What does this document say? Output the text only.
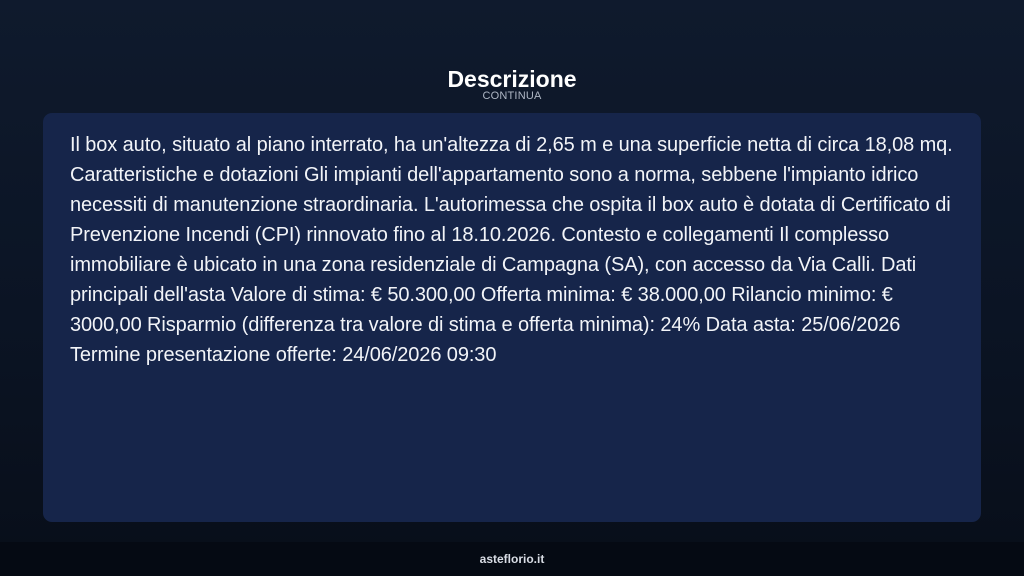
Descrizione
CONTINUA

Il box auto, situato al piano interrato, ha un'altezza di 2,65 m e una superficie netta di circa 18,08 mq. Caratteristiche e dotazioni Gli impianti dell'appartamento sono a norma, sebbene l'impianto idrico necessiti di manutenzione straordinaria. L'autorimessa che ospita il box auto è dotata di Certificato di Prevenzione Incendi (CPI) rinnovato fino al 18.10.2026. Contesto e collegamenti Il complesso immobiliare è ubicato in una zona residenziale di Campagna (SA), con accesso da Via Calli. Dati principali dell'asta Valore di stima: € 50.300,00 Offerta minima: € 38.000,00 Rilancio minimo: € 3000,00 Risparmio (differenza tra valore di stima e offerta minima): 24% Data asta: 25/06/2026 Termine presentazione offerte: 24/06/2026 09:30

asteflorio.it
